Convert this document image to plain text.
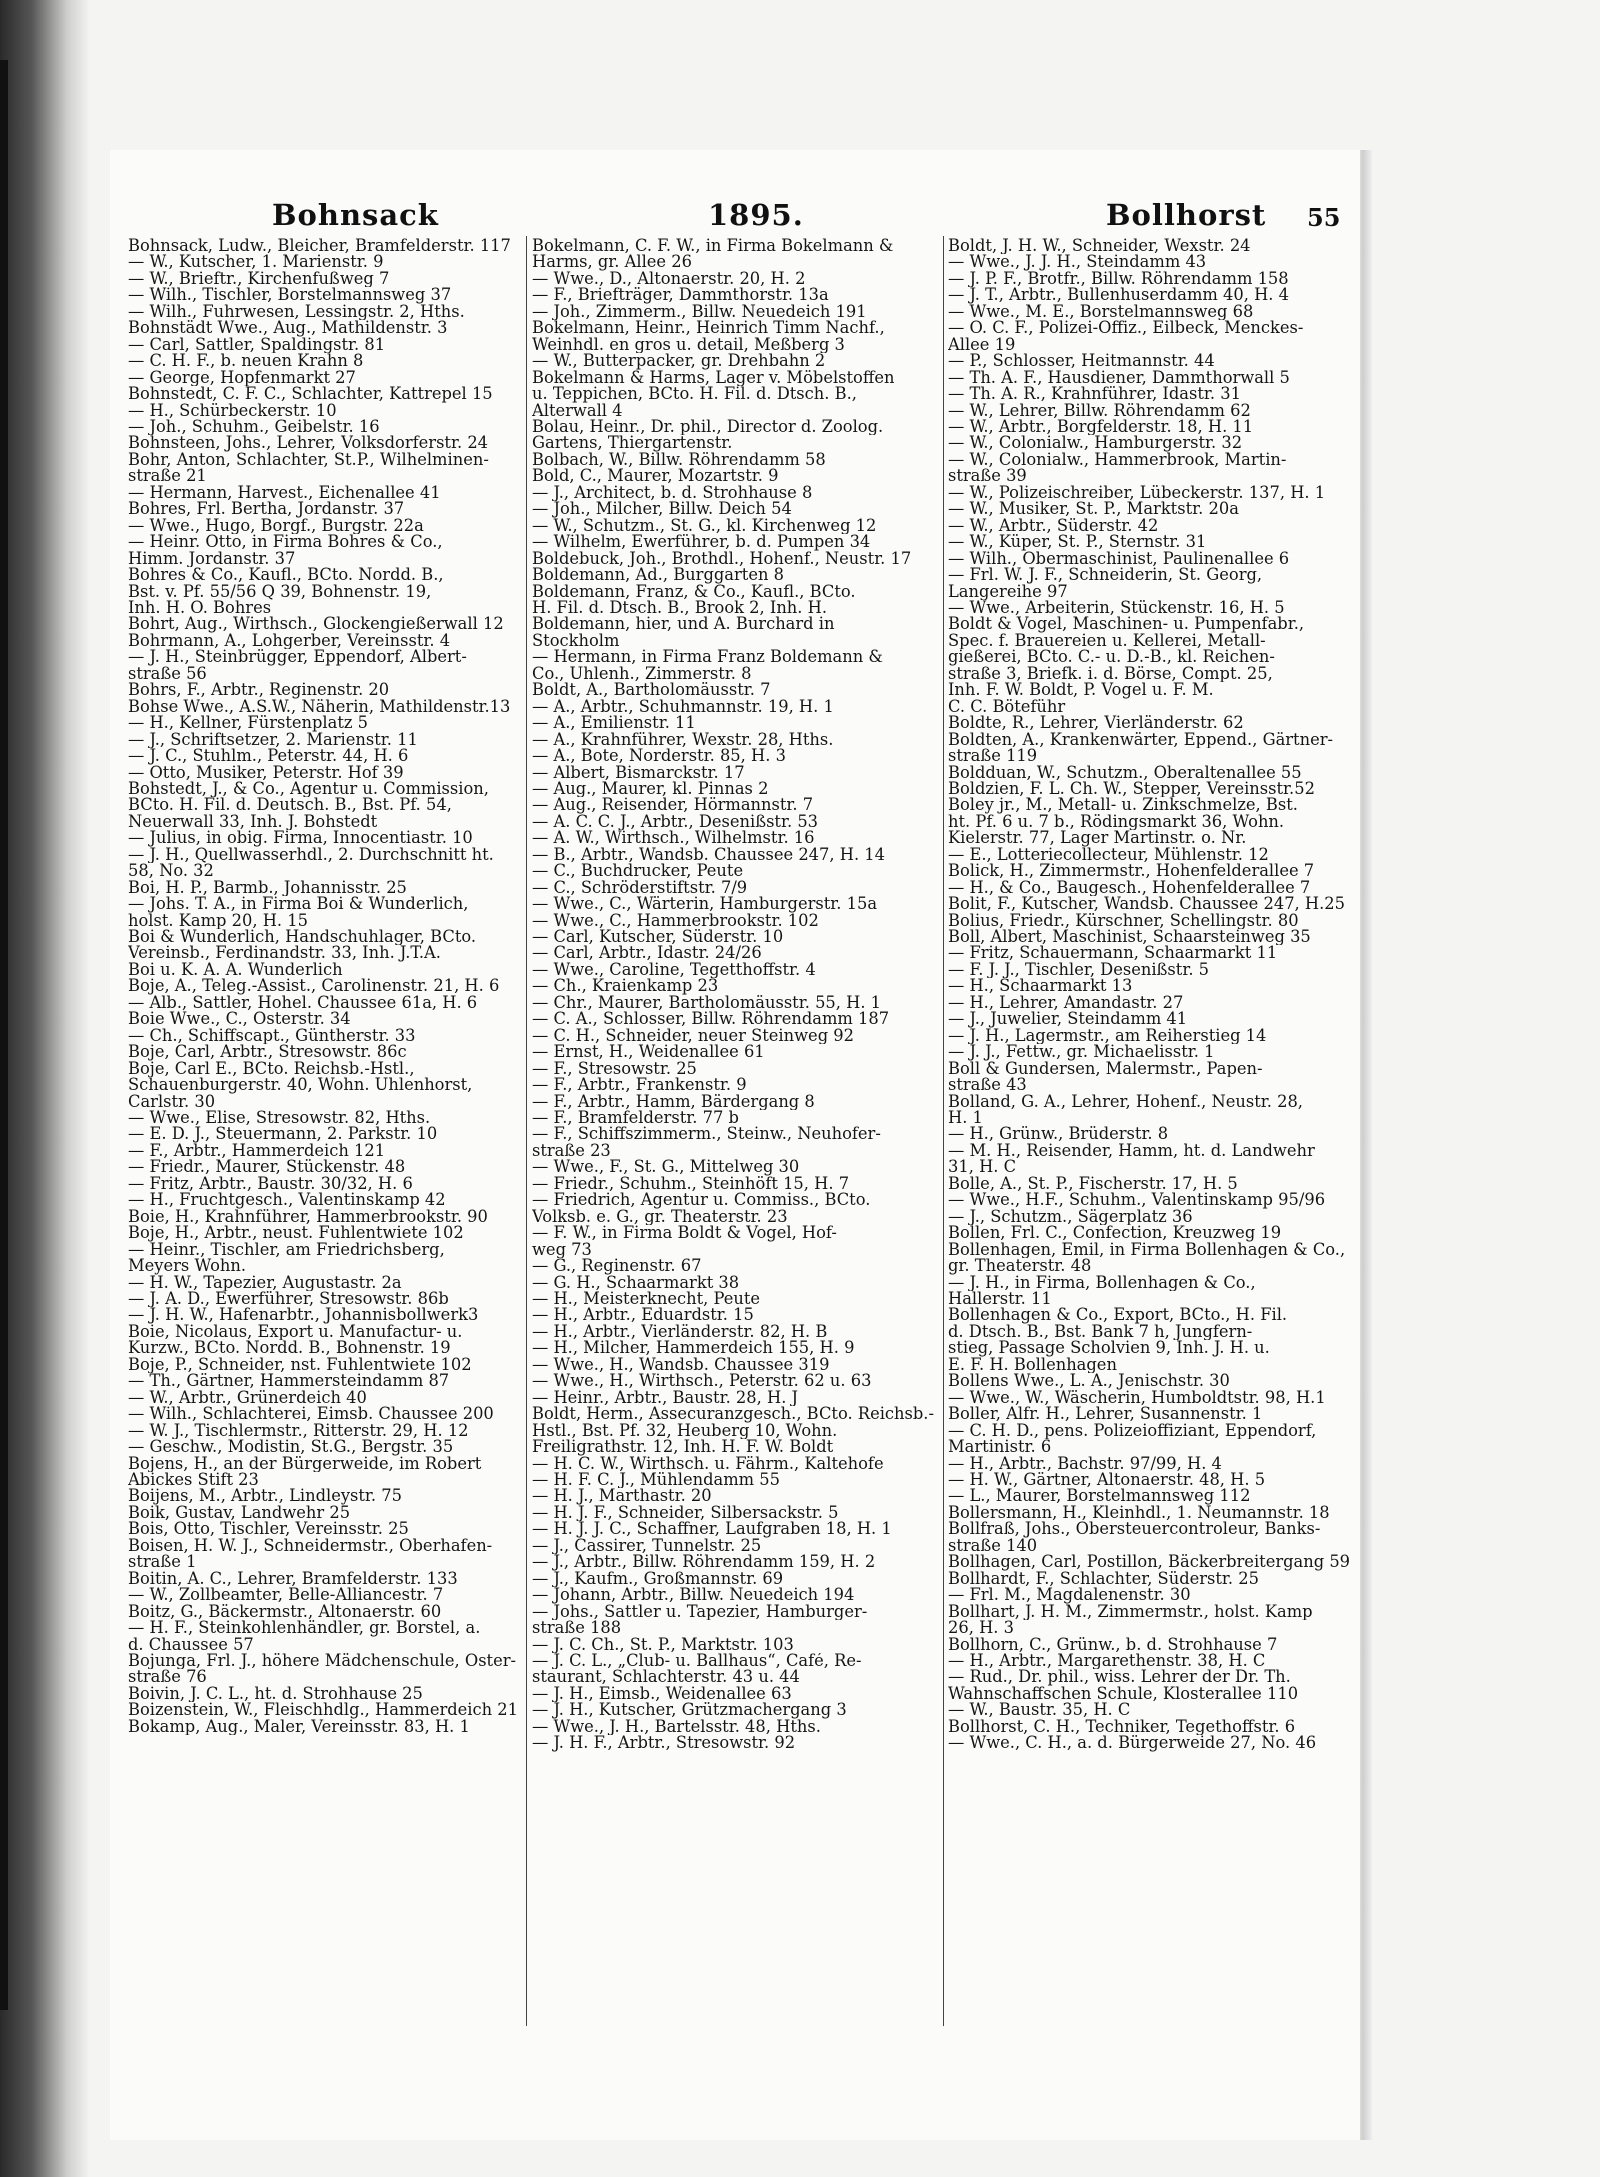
Bohnsack	1895.	Bollhorst 55
Bohnsack, Ludw., Bleicher, Bramfelderstr. 117
— W., Kutscher, 1. Marienstr. 9
— W., Brieftr., Kirchenfußweg 7
— Wilh., Tischler, Borstelmannsweg 37
— Wilh., Fuhrwesen, Lessingstr. 2, Hths.
Bohnstädt Wwe., Aug., Mathildenstr. 3
— Carl, Sattler, Spaldingstr. 81
— C. H. F., b. neuen Krahn 8
— George, Hopfenmarkt 27
Bohnstedt, C. F. C., Schlachter, Kattrepel 15
— H., Schürbeckerstr. 10
— Joh., Schuhm., Geibelstr. 16
Bohnsteen, Johs., Lehrer, Volksdorferstr. 24
Bohr, Anton, Schlachter, St.P., Wilhelminen-
straße 21
— Hermann, Harvest., Eichenallee 41
Bohres, Frl. Bertha, Jordanstr. 37
— Wwe., Hugo, Borgf., Burgstr. 22a
— Heinr. Otto, in Firma Bohres & Co.,
Himm. Jordanstr. 37
Bohres & Co., Kaufl., BCto. Nordd. B.,
Bst. v. Pf. 55/56 Q 39, Bohnenstr. 19,
Inh. H. O. Bohres
Bohrt, Aug., Wirthsch., Glockengießerwall 12
Bohrmann, A., Lohgerber, Vereinsstr. 4
— J. H., Steinbrügger, Eppendorf, Albert-
straße 56
Bohrs, F., Arbtr., Reginenstr. 20
Bohse Wwe., A.S.W., Näherin, Mathildenstr.13
— H., Kellner, Fürstenplatz 5
— J., Schriftsetzer, 2. Marienstr. 11
— J. C., Stuhlm., Peterstr. 44, H. 6
— Otto, Musiker, Peterstr. Hof 39
Bohstedt, J., & Co., Agentur u. Commission,
BCto. H. Fil. d. Deutsch. B., Bst. Pf. 54,
Neuerwall 33, Inh. J. Bohstedt
— Julius, in obig. Firma, Innocentiastr. 10
— J. H., Quellwasserhdl., 2. Durchschnitt ht.
58, No. 32
Boi, H. P., Barmb., Johannisstr. 25
— Johs. T. A., in Firma Boi & Wunderlich,
holst. Kamp 20, H. 15
Boi & Wunderlich, Handschuhlager, BCto.
Vereinsb., Ferdinandstr. 33, Inh. J.T.A.
Boi u. K. A. A. Wunderlich
Boje, A., Teleg.-Assist., Carolinenstr. 21, H. 6
— Alb., Sattler, Hohel. Chaussee 61a, H. 6
Boie Wwe., C., Osterstr. 34
— Ch., Schiffscapt., Güntherstr. 33
Boje, Carl, Arbtr., Stresowstr. 86c
Boje, Carl E., BCto. Reichsb.-Hstl.,
Schauenburgerstr. 40, Wohn. Uhlenhorst,
Carlstr. 30
— Wwe., Elise, Stresowstr. 82, Hths.
— E. D. J., Steuermann, 2. Parkstr. 10
— F., Arbtr., Hammerdeich 121
— Friedr., Maurer, Stückenstr. 48
— Fritz, Arbtr., Baustr. 30/32, H. 6
— H., Fruchtgesch., Valentinskamp 42
Boie, H., Krahnführer, Hammerbrookstr. 90
Boje, H., Arbtr., neust. Fuhlentwiete 102
— Heinr., Tischler, am Friedrichsberg,
Meyers Wohn.
— H. W., Tapezier, Augustastr. 2a
— J. A. D., Ewerführer, Stresowstr. 86b
— J. H. W., Hafenarbtr., Johannisbollwerk3
Boie, Nicolaus, Export u. Manufactur- u.
Kurzw., BCto. Nordd. B., Bohnenstr. 19
Boje, P., Schneider, nst. Fuhlentwiete 102
— Th., Gärtner, Hammersteindamm 87
— W., Arbtr., Grünerdeich 40
— Wilh., Schlachterei, Eimsb. Chaussee 200
— W. J., Tischlermstr., Ritterstr. 29, H. 12
— Geschw., Modistin, St.G., Bergstr. 35
Bojens, H., an der Bürgerweide, im Robert
Abickes Stift 23
Boijens, M., Arbtr., Lindleystr. 75
Boik, Gustav, Landwehr 25
Bois, Otto, Tischler, Vereinsstr. 25
Boisen, H. W. J., Schneidermstr., Oberhafen-
straße 1
Boitin, A. C., Lehrer, Bramfelderstr. 133
— W., Zollbeamter, Belle-Alliancestr. 7
Boitz, G., Bäckermstr., Altonaerstr. 60
— H. F., Steinkohlenhändler, gr. Borstel, a.
d. Chaussee 57
Bojunga, Frl. J., höhere Mädchenschule, Oster-
straße 76
Boivin, J. C. L., ht. d. Strohhause 25
Boizenstein, W., Fleischhdlg., Hammerdeich 21
Bokamp, Aug., Maler, Vereinsstr. 83, H. 1
Bokelmann, C. F. W., in Firma Bokelmann &
Harms, gr. Allee 26
— Wwe., D., Altonaerstr. 20, H. 2
— F., Briefträger, Dammthorstr. 13a
— Joh., Zimmerm., Billw. Neuedeich 191
Bokelmann, Heinr., Heinrich Timm Nachf.,
Weinhdl. en gros u. detail, Meßberg 3
— W., Butterpacker, gr. Drehbahn 2
Bokelmann & Harms, Lager v. Möbelstoffen
u. Teppichen, BCto. H. Fil. d. Dtsch. B.,
Alterwall 4
Bolau, Heinr., Dr. phil., Director d. Zoolog.
Gartens, Thiergartenstr.
Bolbach, W., Billw. Röhrendamm 58
Bold, C., Maurer, Mozartstr. 9
— J., Architect, b. d. Strohhause 8
— Joh., Milcher, Billw. Deich 54
— W., Schutzm., St. G., kl. Kirchenweg 12
— Wilhelm, Ewerführer, b. d. Pumpen 34
Boldebuck, Joh., Brothdl., Hohenf., Neustr. 17
Boldemann, Ad., Burggarten 8
Boldemann, Franz, & Co., Kaufl., BCto.
H. Fil. d. Dtsch. B., Brook 2, Inh. H.
Boldemann, hier, und A. Burchard in
Stockholm
— Hermann, in Firma Franz Boldemann &
Co., Uhlenh., Zimmerstr. 8
Boldt, A., Bartholomäusstr. 7
— A., Arbtr., Schuhmannstr. 19, H. 1
— A., Emilienstr. 11
— A., Krahnführer, Wexstr. 28, Hths.
— A., Bote, Norderstr. 85, H. 3
— Albert, Bismarckstr. 17
— Aug., Maurer, kl. Pinnas 2
— Aug., Reisender, Hörmannstr. 7
— A. C. C. J., Arbtr., Desenißstr. 53
— A. W., Wirthsch., Wilhelmstr. 16
— B., Arbtr., Wandsb. Chaussee 247, H. 14
— C., Buchdrucker, Peute
— C., Schröderstiftstr. 7/9
— Wwe., C., Wärterin, Hamburgerstr. 15a
— Wwe., C., Hammerbrookstr. 102
— Carl, Kutscher, Süderstr. 10
— Carl, Arbtr., Idastr. 24/26
— Wwe., Caroline, Tegetthoffstr. 4
— Ch., Kraienkamp 23
— Chr., Maurer, Bartholomäusstr. 55, H. 1
— C. A., Schlosser, Billw. Röhrendamm 187
— C. H., Schneider, neuer Steinweg 92
— Ernst, H., Weidenallee 61
— F., Stresowstr. 25
— F., Arbtr., Frankenstr. 9
— F., Arbtr., Hamm, Bärdergang 8
— F., Bramfelderstr. 77 b
— F., Schiffszimmerm., Steinw., Neuhofer-
straße 23
— Wwe., F., St. G., Mittelweg 30
— Friedr., Schuhm., Steinhöft 15, H. 7
— Friedrich, Agentur u. Commiss., BCto.
Volksb. e. G., gr. Theaterstr. 23
— F. W., in Firma Boldt & Vogel, Hof-
weg 73
— G., Reginenstr. 67
— G. H., Schaarmarkt 38
— H., Meisterknecht, Peute
— H., Arbtr., Eduardstr. 15
— H., Arbtr., Vierländerstr. 82, H. B
— H., Milcher, Hammerdeich 155, H. 9
— Wwe., H., Wandsb. Chaussee 319
— Wwe., H., Wirthsch., Peterstr. 62 u. 63
— Heinr., Arbtr., Baustr. 28, H. J
Boldt, Herm., Assecuranzgesch., BCto. Reichsb.-
Hstl., Bst. Pf. 32, Heuberg 10, Wohn.
Freiligrathstr. 12, Inh. H. F. W. Boldt
— H. C. W., Wirthsch. u. Fährm., Kaltehofe
— H. F. C. J., Mühlendamm 55
— H. J., Marthastr. 20
— H. J. F., Schneider, Silbersackstr. 5
— H. J. J. C., Schaffner, Laufgraben 18, H. 1
— J., Cassirer, Tunnelstr. 25
— J., Arbtr., Billw. Röhrendamm 159, H. 2
— J., Kaufm., Großmannstr. 69
— Johann, Arbtr., Billw. Neuedeich 194
— Johs., Sattler u. Tapezier, Hamburger-
straße 188
— J. C. Ch., St. P., Marktstr. 103
— J. C. L., „Club- u. Ballhaus“, Café, Re-
staurant, Schlachterstr. 43 u. 44
— J. H., Eimsb., Weidenallee 63
— J. H., Kutscher, Grützmachergang 3
— Wwe., J. H., Bartelsstr. 48, Hths.
— J. H. F., Arbtr., Stresowstr. 92
Boldt, J. H. W., Schneider, Wexstr. 24
— Wwe., J. J. H., Steindamm 43
— J. P. F., Brotfr., Billw. Röhrendamm 158
— J. T., Arbtr., Bullenhuserdamm 40, H. 4
— Wwe., M. E., Borstelmannsweg 68
— O. C. F., Polizei-Offiz., Eilbeck, Menckes-
Allee 19
— P., Schlosser, Heitmannstr. 44
— Th. A. F., Hausdiener, Dammthorwall 5
— Th. A. R., Krahnführer, Idastr. 31
— W., Lehrer, Billw. Röhrendamm 62
— W., Arbtr., Borgfelderstr. 18, H. 11
— W., Colonialw., Hamburgerstr. 32
— W., Colonialw., Hammerbrook, Martin-
straße 39
— W., Polizeischreiber, Lübeckerstr. 137, H. 1
— W., Musiker, St. P., Marktstr. 20a
— W., Arbtr., Süderstr. 42
— W., Küper, St. P., Sternstr. 31
— Wilh., Obermaschinist, Paulinenallee 6
— Frl. W. J. F., Schneiderin, St. Georg,
Langereihe 97
— Wwe., Arbeiterin, Stückenstr. 16, H. 5
Boldt & Vogel, Maschinen- u. Pumpenfabr.,
Spec. f. Brauereien u. Kellerei, Metall-
gießerei, BCto. C.- u. D.-B., kl. Reichen-
straße 3, Briefk. i. d. Börse, Compt. 25,
Inh. F. W. Boldt, P. Vogel u. F. M.
C. C. Böteführ
Boldte, R., Lehrer, Vierländerstr. 62
Boldten, A., Krankenwärter, Eppend., Gärtner-
straße 119
Boldduan, W., Schutzm., Oberaltenallee 55
Boldzien, F. L. Ch. W., Stepper, Vereinsstr.52
Boley jr., M., Metall- u. Zinkschmelze, Bst.
ht. Pf. 6 u. 7 b., Rödingsmarkt 36, Wohn.
Kielerstr. 77, Lager Martinstr. o. Nr.
— E., Lotteriecollecteur, Mühlenstr. 12
Bolick, H., Zimmermstr., Hohenfelderallee 7
— H., & Co., Baugesch., Hohenfelderallee 7
Bolit, F., Kutscher, Wandsb. Chaussee 247, H.25
Bolius, Friedr., Kürschner, Schellingstr. 80
Boll, Albert, Maschinist, Schaarsteinweg 35
— Fritz, Schauermann, Schaarmarkt 11
— F. J. J., Tischler, Desenißstr. 5
— H., Schaarmarkt 13
— H., Lehrer, Amandastr. 27
— J., Juwelier, Steindamm 41
— J. H., Lagermstr., am Reiherstieg 14
— J. J., Fettw., gr. Michaelisstr. 1
Boll & Gundersen, Malermstr., Papen-
straße 43
Bolland, G. A., Lehrer, Hohenf., Neustr. 28,
H. 1
— H., Grünw., Brüderstr. 8
— M. H., Reisender, Hamm, ht. d. Landwehr
31, H. C
Bolle, A., St. P., Fischerstr. 17, H. 5
— Wwe., H.F., Schuhm., Valentinskamp 95/96
— J., Schutzm., Sägerplatz 36
Bollen, Frl. C., Confection, Kreuzweg 19
Bollenhagen, Emil, in Firma Bollenhagen & Co.,
gr. Theaterstr. 48
— J. H., in Firma, Bollenhagen & Co.,
Hallerstr. 11
Bollenhagen & Co., Export, BCto., H. Fil.
d. Dtsch. B., Bst. Bank 7 h, Jungfern-
stieg, Passage Scholvien 9, Inh. J. H. u.
E. F. H. Bollenhagen
Bollens Wwe., L. A., Jenischstr. 30
— Wwe., W., Wäscherin, Humboldtstr. 98, H.1
Boller, Alfr. H., Lehrer, Susannenstr. 1
— C. H. D., pens. Polizeioffiziant, Eppendorf,
Martinistr. 6
— H., Arbtr., Bachstr. 97/99, H. 4
— H. W., Gärtner, Altonaerstr. 48, H. 5
— L., Maurer, Borstelmannsweg 112
Bollersmann, H., Kleinhdl., 1. Neumannstr. 18
Bollfraß, Johs., Obersteuercontroleur, Banks-
straße 140
Bollhagen, Carl, Postillon, Bäckerbreitergang 59
Bollhardt, F., Schlachter, Süderstr. 25
— Frl. M., Magdalenenstr. 30
Bollhart, J. H. M., Zimmermstr., holst. Kamp
26, H. 3
Bollhorn, C., Grünw., b. d. Strohhause 7
— H., Arbtr., Margarethenstr. 38, H. C
— Rud., Dr. phil., wiss. Lehrer der Dr. Th.
Wahnschaffschen Schule, Klosterallee 110
— W., Baustr. 35, H. C
Bollhorst, C. H., Techniker, Tegethoffstr. 6
— Wwe., C. H., a. d. Bürgerweide 27, No. 46
